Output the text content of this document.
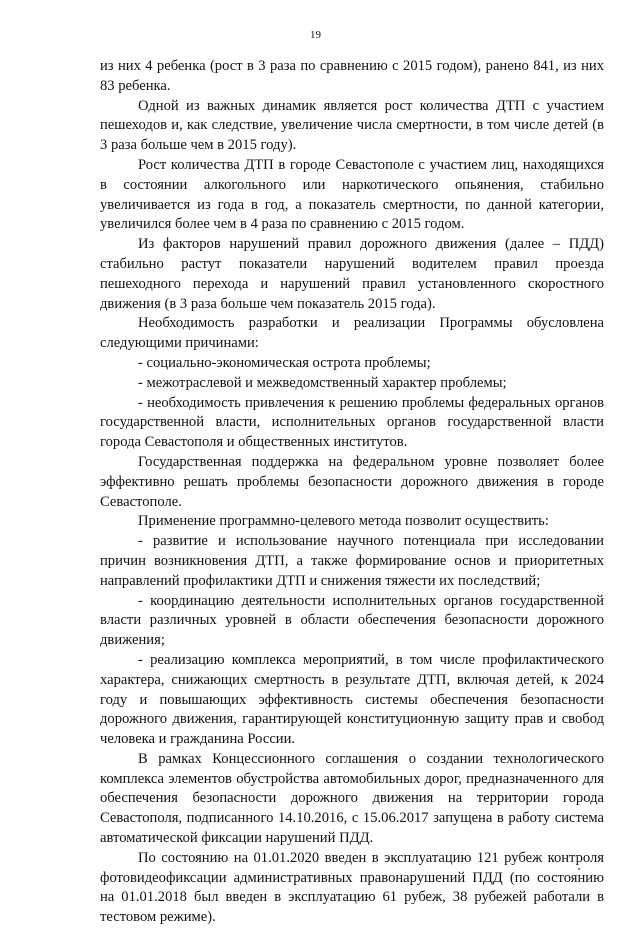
19

из них 4 ребенка (рост в 3 раза по сравнению с 2015 годом), ранено 841, из них 83 ребенка.

Одной из важных динамик является рост количества ДТП с участием пешеходов и, как следствие, увеличение числа смертности, в том числе детей (в 3 раза больше чем в 2015 году).

Рост количества ДТП в городе Севастополе с участием лиц, находящихся в состоянии алкогольного или наркотического опьянения, стабильно увеличивается из года в год, а показатель смертности, по данной категории, увеличился более чем в 4 раза по сравнению с 2015 годом.

Из факторов нарушений правил дорожного движения (далее – ПДД) стабильно растут показатели нарушений водителем правил проезда пешеходного перехода и нарушений правил установленного скоростного движения (в 3 раза больше чем показатель 2015 года).

Необходимость разработки и реализации Программы обусловлена следующими причинами:

- социально-экономическая острота проблемы;

- межотраслевой и межведомственный характер проблемы;

- необходимость привлечения к решению проблемы федеральных органов государственной власти, исполнительных органов государственной власти города Севастополя и общественных институтов.

Государственная поддержка на федеральном уровне позволяет более эффективно решать проблемы безопасности дорожного движения в городе Севастополе.

Применение программно-целевого метода позволит осуществить:

- развитие и использование научного потенциала при исследовании причин возникновения ДТП, а также формирование основ и приоритетных направлений профилактики ДТП и снижения тяжести их последствий;

- координацию деятельности исполнительных органов государственной власти различных уровней в области обеспечения безопасности дорожного движения;

- реализацию комплекса мероприятий, в том числе профилактического характера, снижающих смертность в результате ДТП, включая детей, к 2024 году и повышающих эффективность системы обеспечения безопасности дорожного движения, гарантирующей конституционную защиту прав и свобод человека и гражданина России.

В рамках Концессионного соглашения о создании технологического комплекса элементов обустройства автомобильных дорог, предназначенного для обеспечения безопасности дорожного движения на территории города Севастополя, подписанного 14.10.2016, с 15.06.2017 запущена в работу система автоматической фиксации нарушений ПДД.

По состоянию на 01.01.2020 введен в эксплуатацию 121 рубеж контроля фотовидеофиксации административных правонарушений ПДД (по состоянию на 01.01.2018 был введен в эксплуатацию 61 рубеж, 38 рубежей работали в тестовом режиме).
